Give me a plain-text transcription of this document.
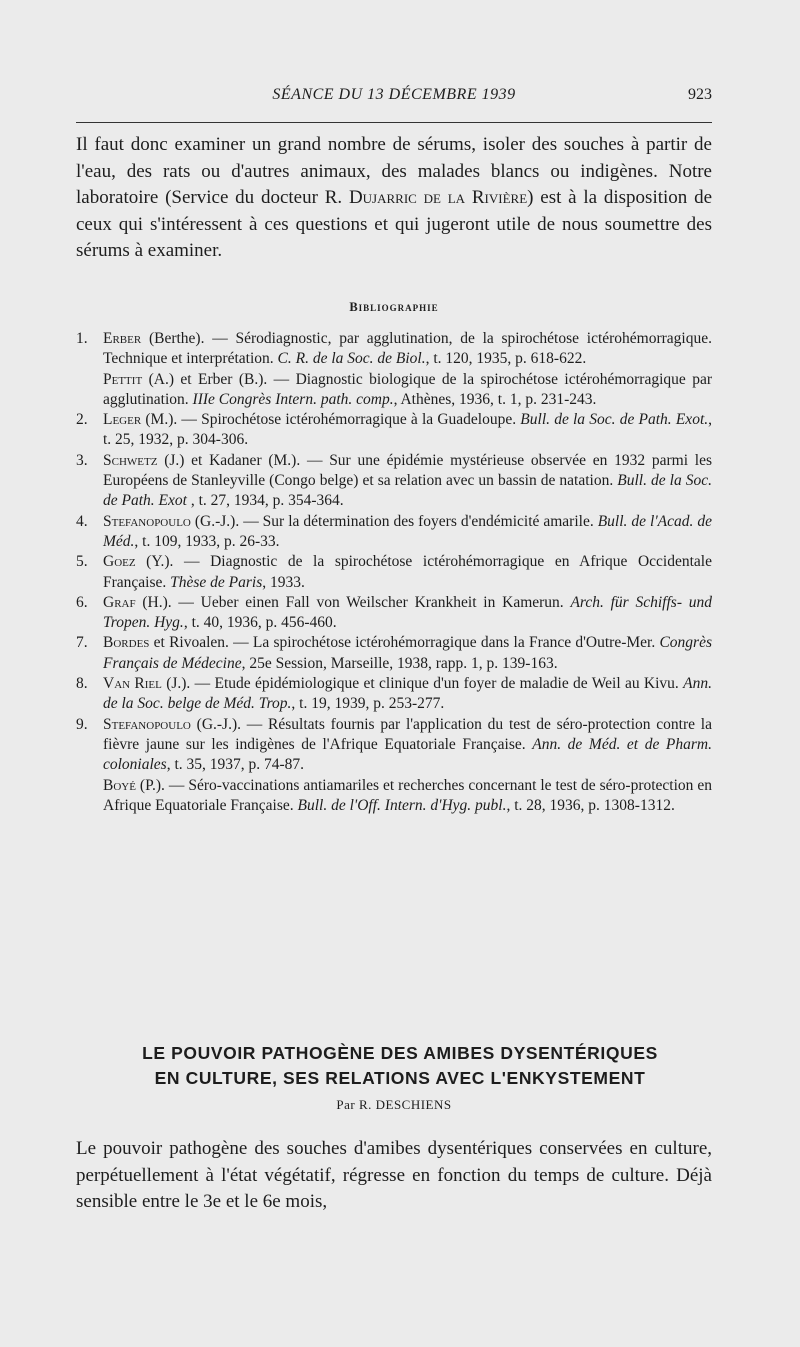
SÉANCE DU 13 DÉCEMBRE 1939	923

Il faut donc examiner un grand nombre de sérums, isoler des souches à partir de l'eau, des rats ou d'autres animaux, des malades blancs ou indigènes. Notre laboratoire (Service du docteur R. Dujarric de la Rivière) est à la disposition de ceux qui s'intéressent à ces questions et qui jugeront utile de nous soumettre des sérums à examiner.

Bibliographie
1. Erber (Berthe). — Sérodiagnostic, par agglutination, de la spirochétose ictérohémorragique. Technique et interprétation. C. R. de la Soc. de Biol., t. 120, 1935, p. 618-622.
Pettit (A.) et Erber (B.). — Diagnostic biologique de la spirochétose ictérohémorragique par agglutination. IIIe Congrès Intern. path. comp., Athènes, 1936, t. 1, p. 231-243.
2. Leger (M.). — Spirochétose ictérohémorragique à la Guadeloupe. Bull. de la Soc. de Path. Exot., t. 25, 1932, p. 304-306.
3. Schwetz (J.) et Kadaner (M.). — Sur une épidémie mystérieuse observée en 1932 parmi les Européens de Stanleyville (Congo belge) et sa relation avec un bassin de natation. Bull. de la Soc. de Path. Exot , t. 27, 1934, p. 354-364.
4. Stefanopoulo (G.-J.). — Sur la détermination des foyers d'endémicité amarile. Bull. de l'Acad. de Méd., t. 109, 1933, p. 26-33.
5. Goez (Y.). — Diagnostic de la spirochétose ictérohémorragique en Afrique Occidentale Française. Thèse de Paris, 1933.
6. Graf (H.). — Ueber einen Fall von Weilscher Krankheit in Kamerun. Arch. für Schiffs- und Tropen. Hyg., t. 40, 1936, p. 456-460.
7. Bordes et Rivoalen. — La spirochétose ictérohémorragique dans la France d'Outre-Mer. Congrès Français de Médecine, 25e Session, Marseille, 1938, rapp. 1, p. 139-163.
8. Van Riel (J.). — Etude épidémiologique et clinique d'un foyer de maladie de Weil au Kivu. Ann. de la Soc. belge de Méd. Trop., t. 19, 1939, p. 253-277.
9. Stefanopoulo (G.-J.). — Résultats fournis par l'application du test de séro-protection contre la fièvre jaune sur les indigènes de l'Afrique Equatoriale Française. Ann. de Méd. et de Pharm. coloniales, t. 35, 1937, p. 74-87.
Boyé (P.). — Séro-vaccinations antiamariles et recherches concernant le test de séro-protection en Afrique Equatoriale Française. Bull. de l'Off. Intern. d'Hyg. publ., t. 28, 1936, p. 1308-1312.
LE POUVOIR PATHOGÈNE DES AMIBES DYSENTÉRIQUES
EN CULTURE, SES RELATIONS AVEC L'ENKYSTEMENT
Par R. DESCHIENS

Le pouvoir pathogène des souches d'amibes dysentériques conservées en culture, perpétuellement à l'état végétatif, régresse en fonction du temps de culture. Déjà sensible entre le 3e et le 6e mois,
